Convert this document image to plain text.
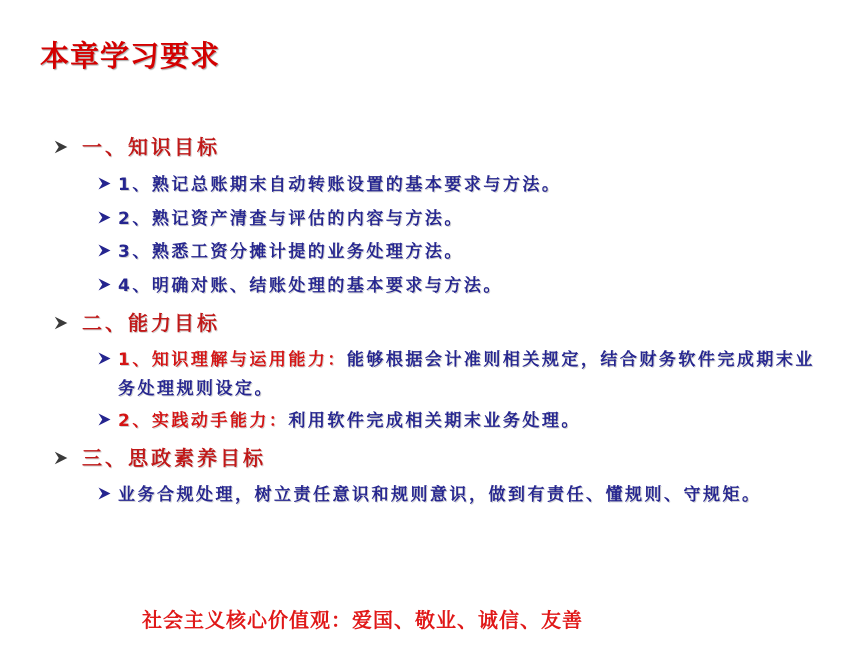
本章学习要求
一、知识目标
1、熟记总账期末自动转账设置的基本要求与方法。
2、熟记资产清查与评估的内容与方法。
3、熟悉工资分摊计提的业务处理方法。
4、明确对账、结账处理的基本要求与方法。
二、能力目标
1、知识理解与运用能力：能够根据会计准则相关规定，结合财务软件完成期末业务处理规则设定。
2、实践动手能力：利用软件完成相关期末业务处理。
三、思政素养目标
业务合规处理，树立责任意识和规则意识，做到有责任、懂规则、守规矩。
社会主义核心价值观：爱国、敬业、诚信、友善
